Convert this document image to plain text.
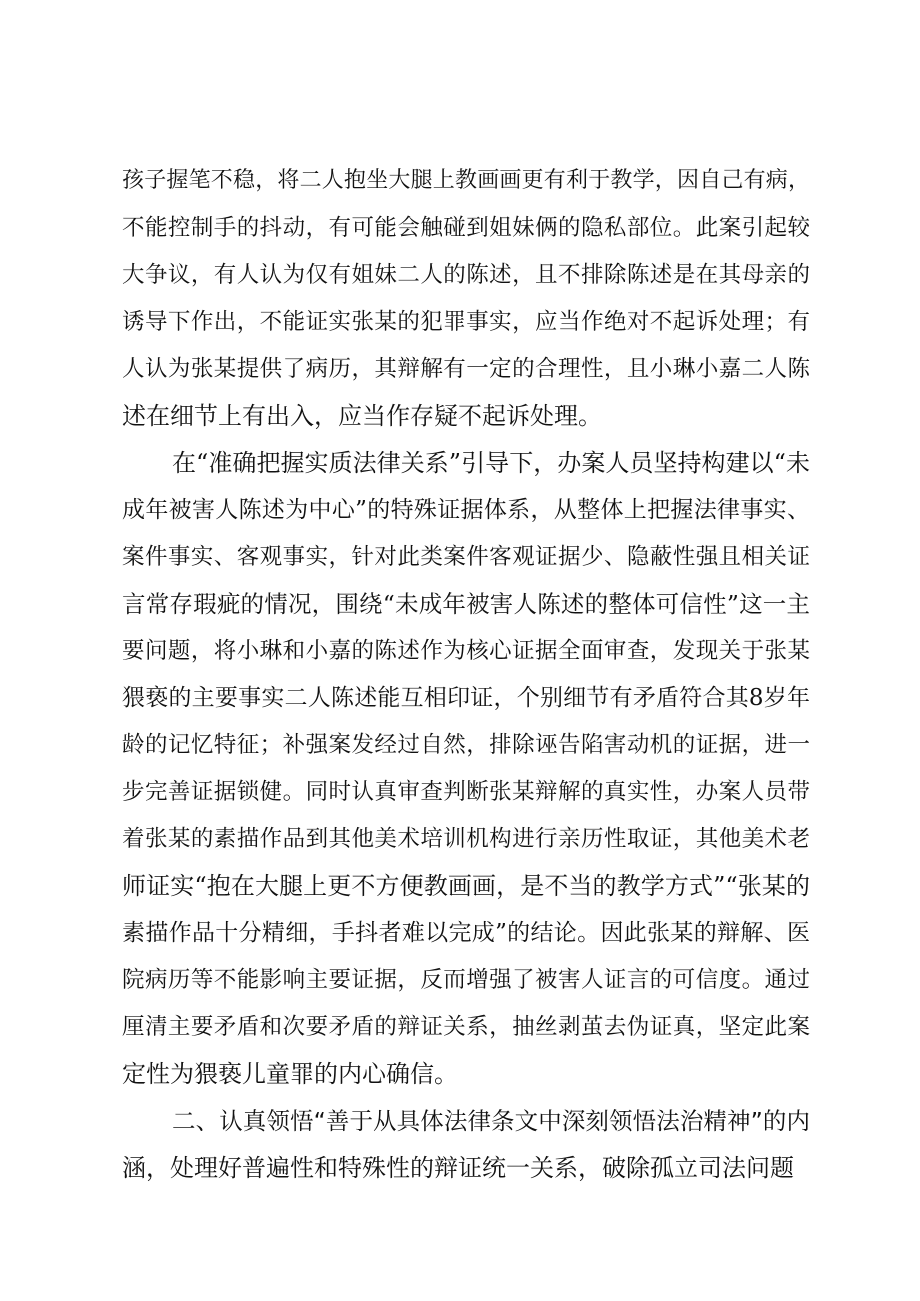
孩子握笔不稳，将二人抱坐大腿上教画画更有利于教学，因自己有病，
不能控制手的抖动，有可能会触碰到姐妹俩的隐私部位。此案引起较
大争议，有人认为仅有姐妹二人的陈述，且不排除陈述是在其母亲的
诱导下作出，不能证实张某的犯罪事实，应当作绝对不起诉处理；有
人认为张某提供了病历，其辩解有一定的合理性，且小琳小嘉二人陈
述在细节上有出入，应当作存疑不起诉处理。
在“准确把握实质法律关系”引导下，办案人员坚持构建以“未
成年被害人陈述为中心”的特殊证据体系，从整体上把握法律事实、
案件事实、客观事实，针对此类案件客观证据少、隐蔽性强且相关证
言常存瑕疵的情况，围绕“未成年被害人陈述的整体可信性”这一主
要问题，将小琳和小嘉的陈述作为核心证据全面审查，发现关于张某
猥亵的主要事实二人陈述能互相印证，个别细节有矛盾符合其8岁年
龄的记忆特征；补强案发经过自然，排除诬告陷害动机的证据，进一
步完善证据锁健。同时认真审查判断张某辩解的真实性，办案人员带
着张某的素描作品到其他美术培训机构进行亲历性取证，其他美术老
师证实“抱在大腿上更不方便教画画，是不当的教学方式”“张某的
素描作品十分精细，手抖者难以完成”的结论。因此张某的辩解、医
院病历等不能影响主要证据，反而增强了被害人证言的可信度。通过
厘清主要矛盾和次要矛盾的辩证关系，抽丝剥茧去伪证真，坚定此案
定性为猥亵儿童罪的内心确信。
二、认真领悟“善于从具体法律条文中深刻领悟法治精神”的内
涵，处理好普遍性和特殊性的辩证统一关系，破除孤立司法问题
